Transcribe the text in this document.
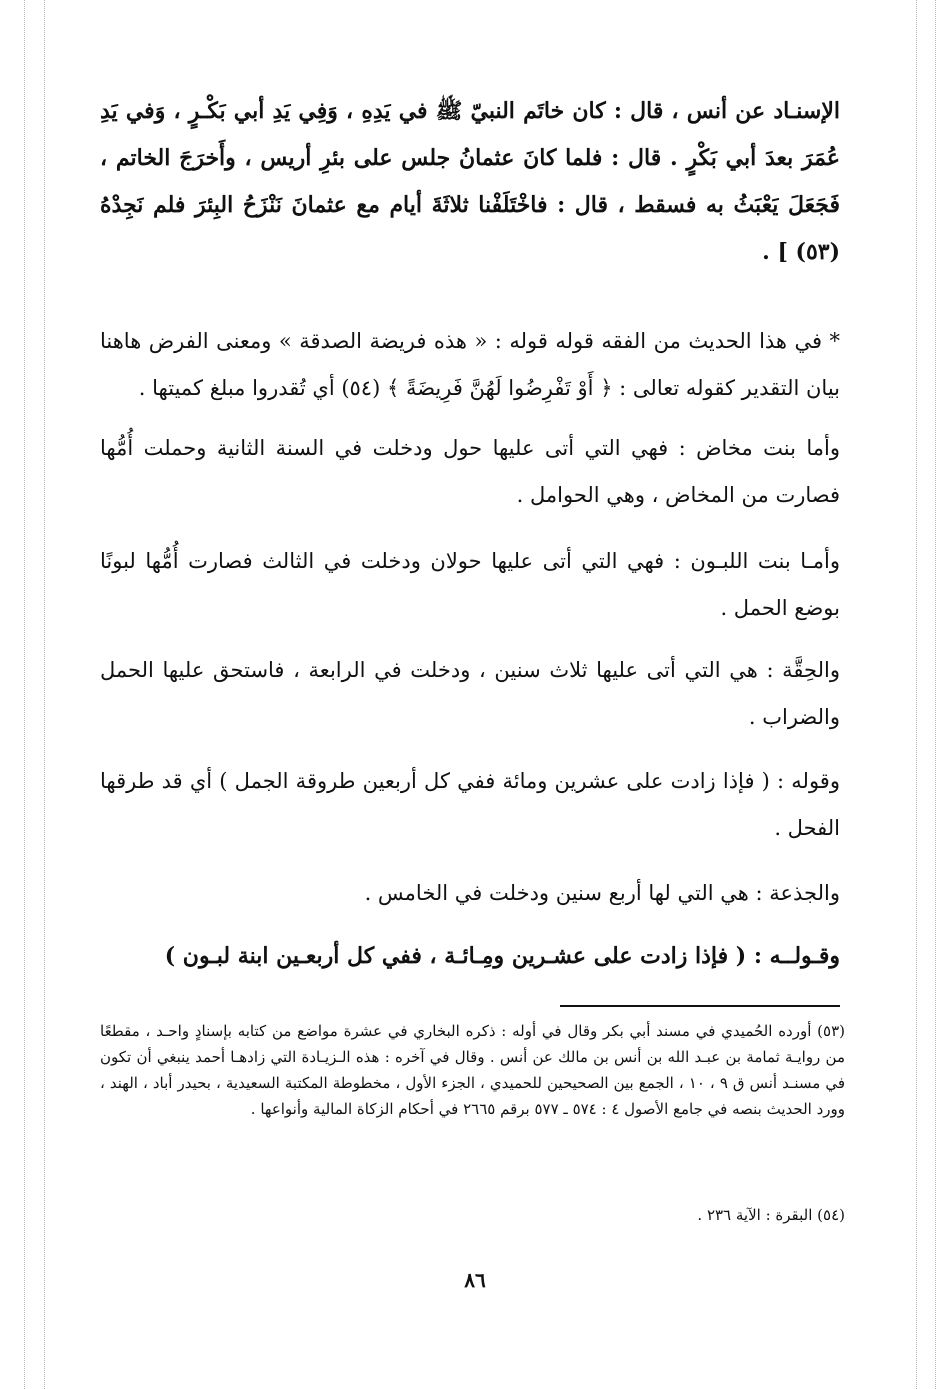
الإسنـاد عن أنس ، قال : كان خاتَم النبيّ ﷺ في يَدِهِ ، وَفِي يَدِ أبي بَكْـرٍ ، وَفي يَدِ عُمَرَ بعدَ أبي بَكْرٍ . قال : فلما كانَ عثمانُ جلس على بئرِ أريس ، وأَخرَجَ الخاتم ، فَجَعَلَ يَعْبَثُ به فسقط ، قال : فاخْتَلَفْنا ثلاثَةَ أيام مع عثمانَ نَنْزَحُ البِئرَ فلم نَجِدْهُ (٥٣) ] .

* في هذا الحديث من الفقه قوله قوله : « هذه فريضة الصدقة » ومعنى الفرض هاهنا بيان التقدير كقوله تعالى : ﴿ أَوْ تَفْرِضُوا لَهُنَّ فَرِيضَةً ﴾ (٥٤) أي تُقدروا مبلغ كميتها .

وأما بنت مخاض : فهي التي أتى عليها حول ودخلت في السنة الثانية وحملت أُمُّها فصارت من المخاض ، وهي الحوامل .

وأمـا بنت اللبـون : فهي التي أتى عليها حولان ودخلت في الثالث فصارت أُمُّها لبونًا بوضع الحمل .

والحِقَّة : هي التي أتى عليها ثلاث سنين ، ودخلت في الرابعة ، فاستحق عليها الحمل والضراب .

وقوله : ( فإذا زادت على عشرين ومائة ففي كل أربعين طروقة الجمل ) أي قد طرقها الفحل .

والجذعة : هي التي لها أربع سنين ودخلت في الخامس .

وقـولــه : ( فإذا زادت على عشـرين ومِـائـة ، ففي كل أربعـين ابنة لبـون )

(٥٣) أورده الحُميدي في مسند أبي بكر وقال في أوله : ذكره البخاري في عشرة مواضع من كتابه بإسنادٍ واحـد ، مقطعًا من روايـة ثمامة بن عبـد الله بن أنس بن مالك عن أنس . وقال في آخره : هذه الـزيـادة التي زادهـا أحمد ينبغي أن تكون في مسنـد أنس ق ٩ ، ١٠ ، الجمع بين الصحيحين للحميدي ، الجزء الأول ، مخطوطة المكتبة السعيدية ، بحيدر أباد ، الهند ، وورد الحديث بنصه في جامع الأصول ٤ : ٥٧٤ ـ ٥٧٧ برقم ٢٦٦٥ في أحكام الزكاة المالية وأنواعها .

(٥٤) البقرة : الآية ٢٣٦ .

٨٦
